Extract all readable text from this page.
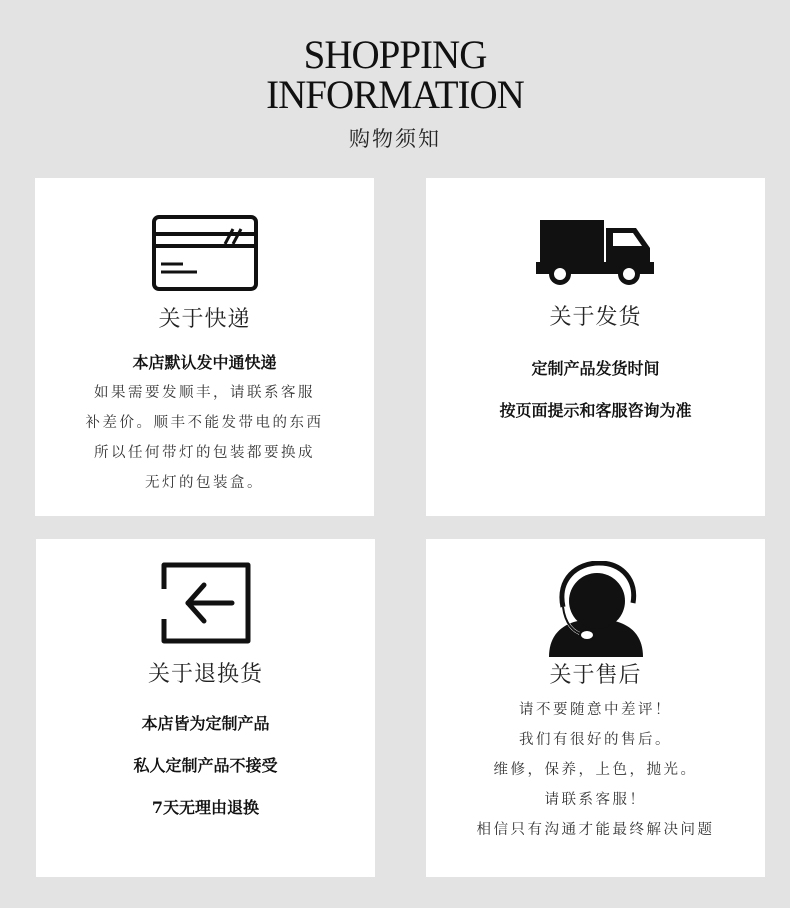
SHOPPING
INFORMATION
购物须知
关于快递
本店默认发中通快递
如果需要发顺丰，请联系客服
补差价。顺丰不能发带电的东西
所以任何带灯的包装都要换成
无灯的包装盒。
关于发货
定制产品发货时间
按页面提示和客服咨询为准
关于退换货
本店皆为定制产品
私人定制产品不接受
7天无理由退换
关于售后
请不要随意中差评！
我们有很好的售后。
维修，保养，上色，抛光。
请联系客服！
相信只有沟通才能最终解决问题
